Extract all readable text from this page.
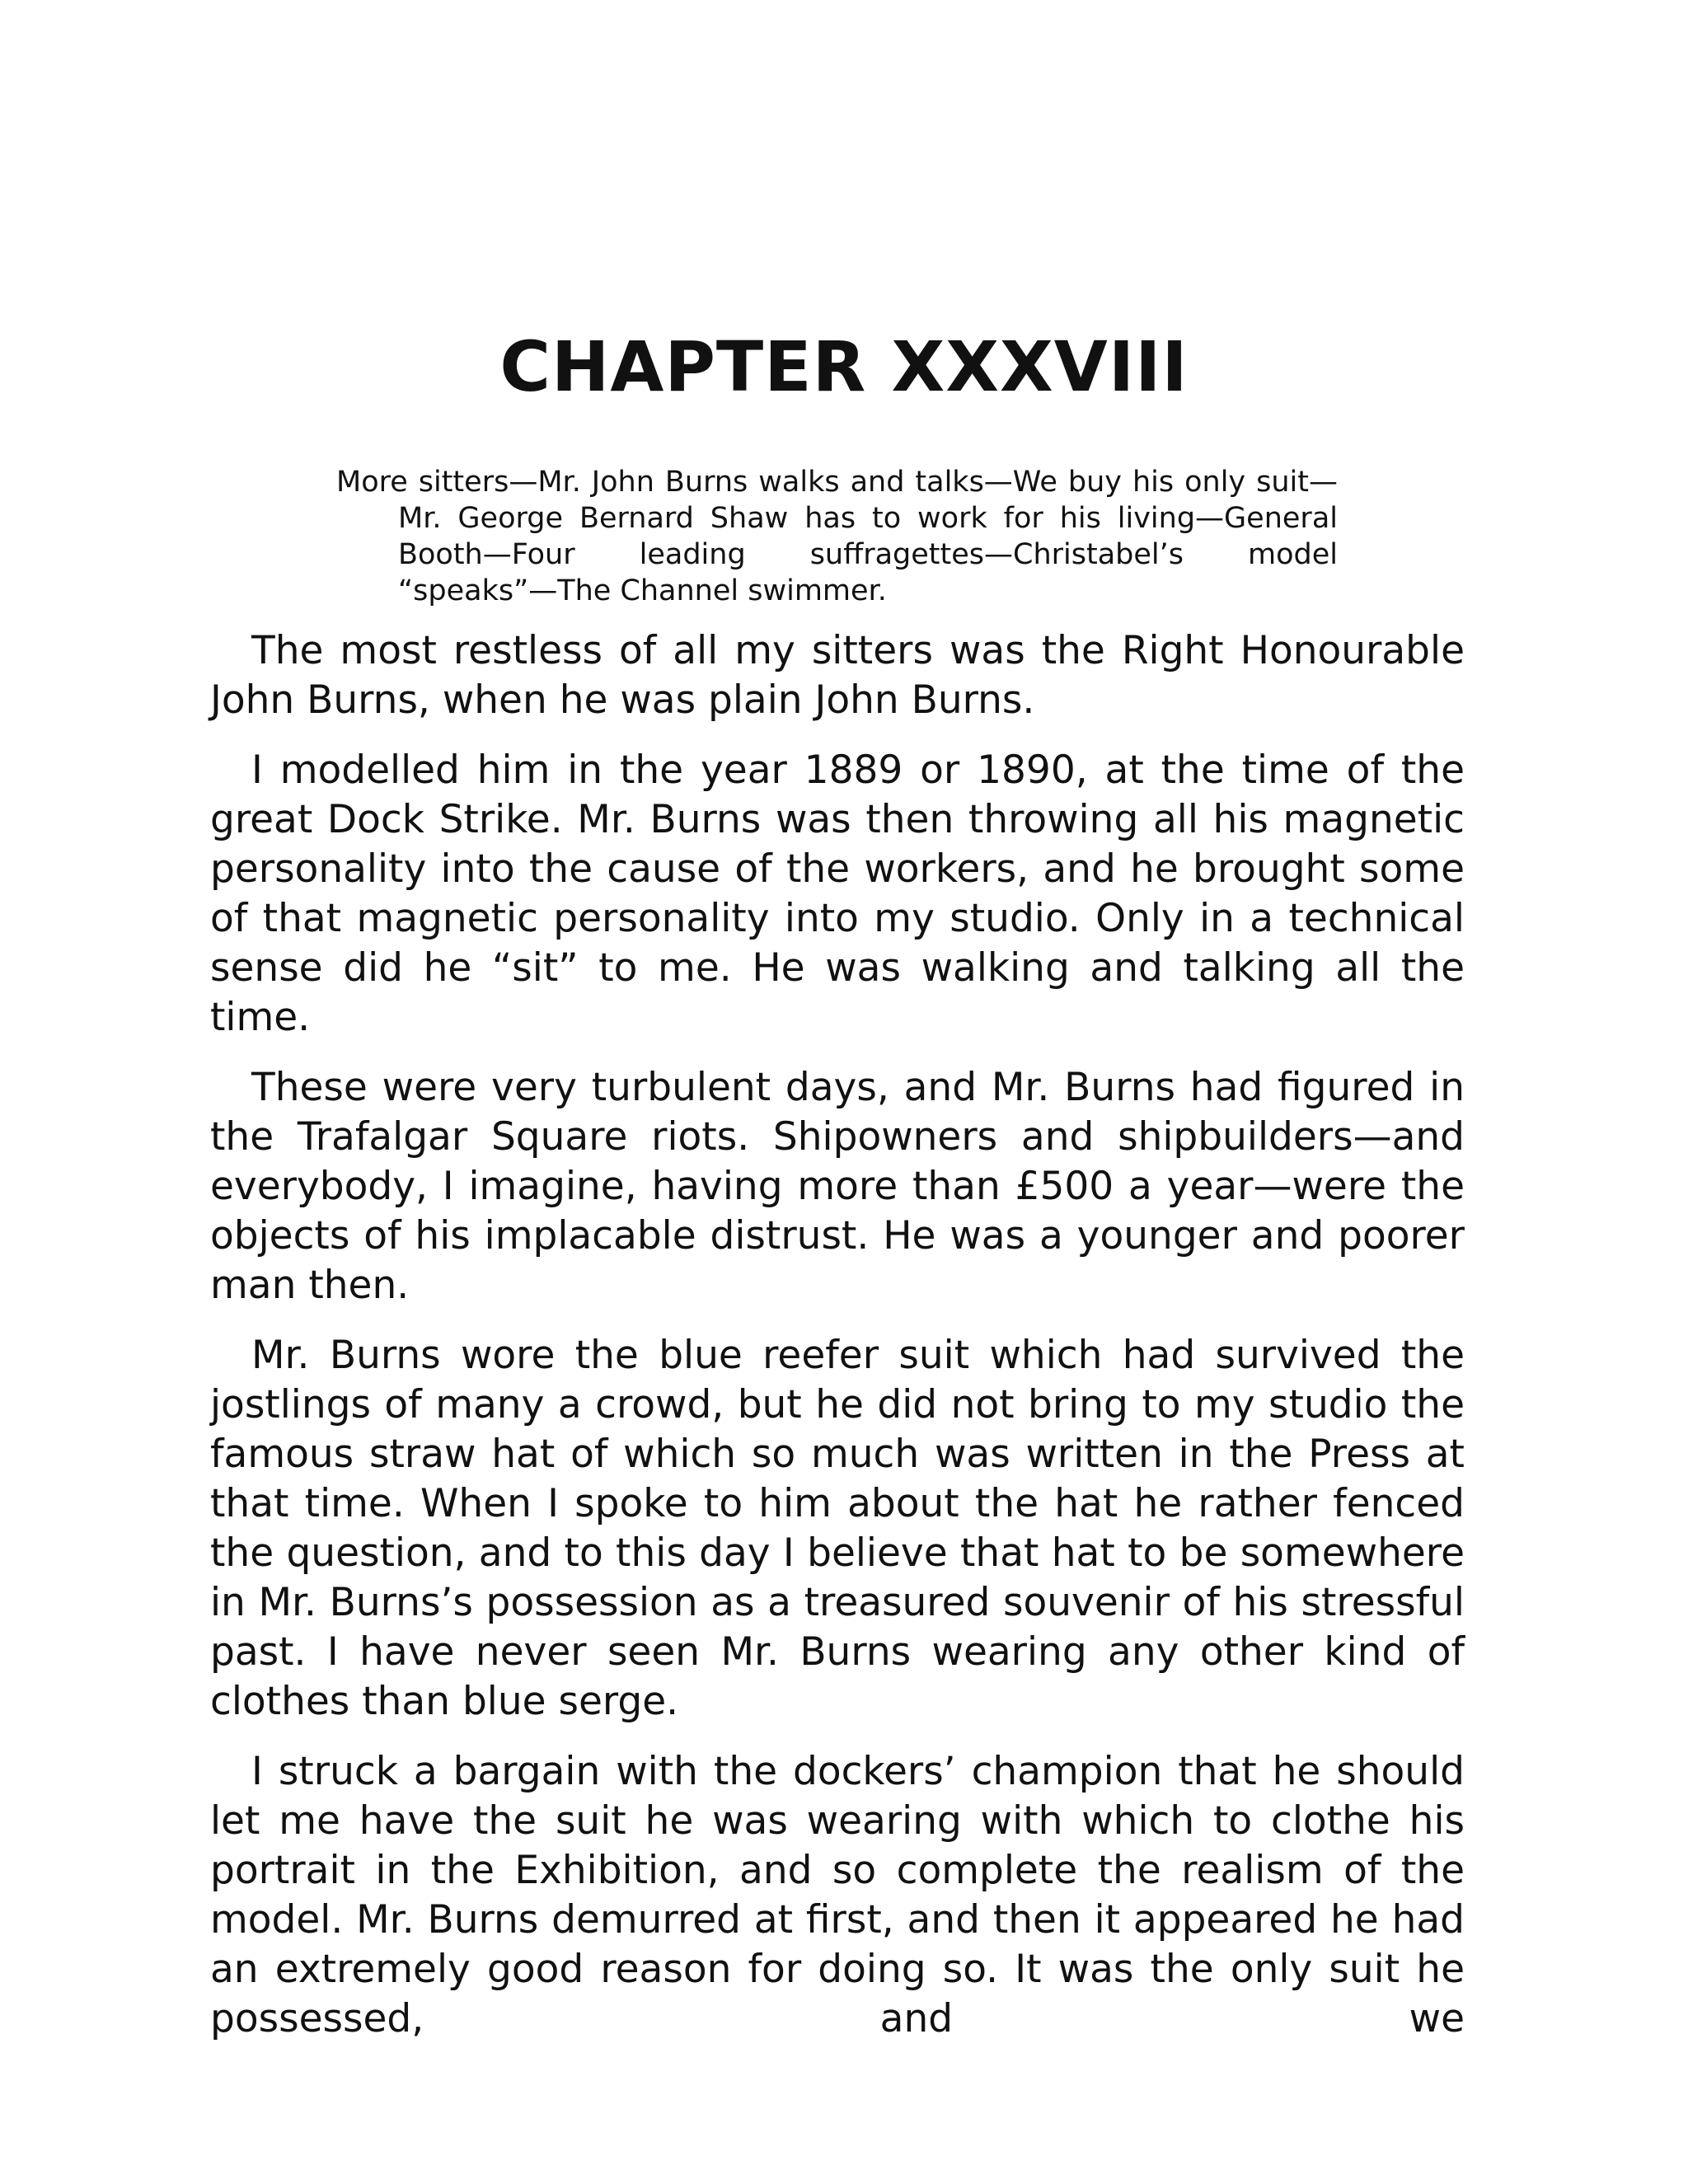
CHAPTER XXXVIII

More sitters—Mr. John Burns walks and talks—We buy his only suit—Mr. George Bernard Shaw has to work for his living—General Booth—Four leading suffragettes—Christabel’s model “speaks”—The Channel swimmer.

The most restless of all my sitters was the Right Honourable John Burns, when he was plain John Burns.

I modelled him in the year 1889 or 1890, at the time of the great Dock Strike. Mr. Burns was then throwing all his magnetic personality into the cause of the workers, and he brought some of that magnetic personality into my studio. Only in a technical sense did he “sit” to me. He was walking and talking all the time.

These were very turbulent days, and Mr. Burns had figured in the Trafalgar Square riots. Shipowners and shipbuilders—and everybody, I imagine, having more than £500 a year—were the objects of his implacable distrust. He was a younger and poorer man then.

Mr. Burns wore the blue reefer suit which had survived the jostlings of many a crowd, but he did not bring to my studio the famous straw hat of which so much was written in the Press at that time. When I spoke to him about the hat he rather fenced the question, and to this day I believe that hat to be somewhere in Mr. Burns’s possession as a treasured souvenir of his stressful past. I have never seen Mr. Burns wearing any other kind of clothes than blue serge.

I struck a bargain with the dockers’ champion that he should let me have the suit he was wearing with which to clothe his portrait in the Exhibition, and so complete the realism of the model. Mr. Burns demurred at first, and then it appeared he had an extremely good reason for doing so. It was the only suit he possessed, and we
